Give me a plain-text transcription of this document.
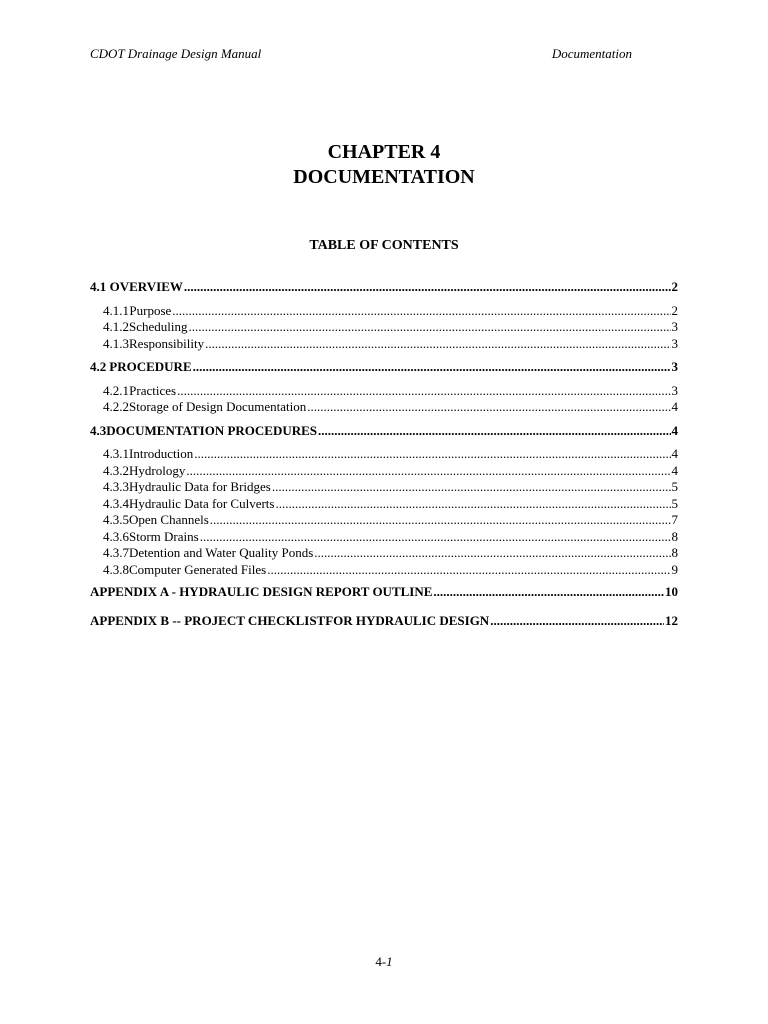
CDOT Drainage Design Manual	Documentation
CHAPTER 4
DOCUMENTATION
TABLE OF CONTENTS
4.1 OVERVIEW .....	2
4.1.1 Purpose .....	2
4.1.2 Scheduling .....	3
4.1.3 Responsibility .....	3
4.2 PROCEDURE .....	3
4.2.1 Practices .....	3
4.2.2 Storage of Design Documentation .....	4
4.3 DOCUMENTATION PROCEDURES .....	4
4.3.1 Introduction .....	4
4.3.2 Hydrology .....	4
4.3.3 Hydraulic Data for Bridges .....	5
4.3.4 Hydraulic Data for Culverts .....	5
4.3.5 Open Channels .....	7
4.3.6 Storm Drains .....	8
4.3.7 Detention and Water Quality Ponds .....	8
4.3.8 Computer Generated Files .....	9
APPENDIX A - HYDRAULIC DESIGN REPORT OUTLINE .....	10
APPENDIX B -- PROJECT CHECKLISTFOR HYDRAULIC DESIGN .....	12
4-1
